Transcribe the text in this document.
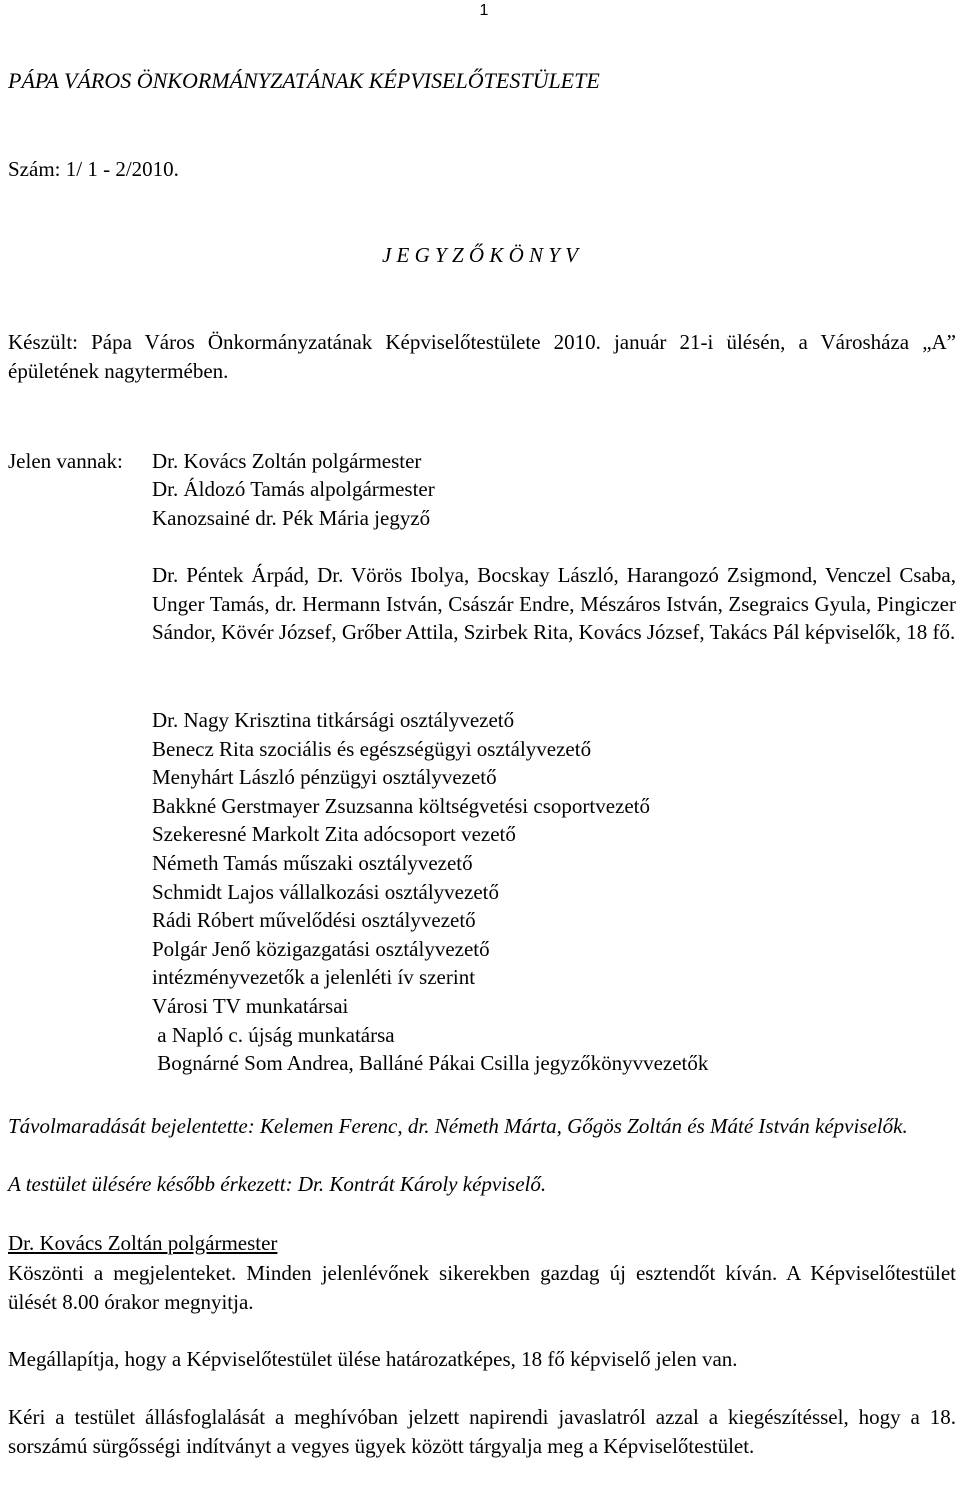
1
PÁPA VÁROS ÖNKORMÁNYZATÁNAK KÉPVISELŐTESTÜLETE
Szám: 1/ 1 - 2/2010.
J E G Y Z Ő K Ö N Y V
Készült: Pápa Város Önkormányzatának Képviselőtestülete 2010. január 21-i ülésén, a Városháza „A” épületének nagytermében.
Jelen vannak: Dr. Kovács Zoltán polgármester
Dr. Áldozó Tamás alpolgármester
Kanozsainé dr. Pék Mária jegyző
Dr. Péntek Árpád, Dr. Vörös Ibolya, Bocskay László, Harangozó Zsigmond, Venczel Csaba, Unger Tamás, dr. Hermann István, Császár Endre, Mészáros István, Zsegraics Gyula, Pingiczer Sándor, Kövér József, Grőber Attila, Szirbek Rita, Kovács József, Takács Pál képviselők, 18 fő.
Dr. Nagy Krisztina titkársági osztályvezető
Benecz Rita szociális és egészségügyi osztályvezető
Menyhárt László pénzügyi osztályvezető
Bakkné Gerstmayer Zsuzsanna költségvetési csoportvezető
Szekeresné Markolt Zita adócsoport vezető
Németh Tamás műszaki osztályvezető
Schmidt Lajos vállalkozási osztályvezető
Rádi Róbert művelődési osztályvezető
Polgár Jenő közigazgatási osztályvezető
intézményvezetők a jelenléti ív szerint
Városi TV munkatársai
a Napló c. újság munkatársa
Bognárné Som Andrea, Balláné Pákai Csilla jegyzőkönyvvezetők
Távolmaradását bejelentette: Kelemen Ferenc, dr. Németh Márta, Gőgös Zoltán és Máté István képviselők.
A testület ülésére később érkezett: Dr. Kontrát Károly képviselő.
Dr. Kovács Zoltán polgármester
Köszönti a megjelenteket. Minden jelenlévőnek sikerekben gazdag új esztendőt kíván. A Képviselőtestület ülését 8.00 órakor megnyitja.
Megállapítja, hogy a Képviselőtestület ülése határozatképes, 18 fő képviselő jelen van.
Kéri a testület állásfoglalását a meghívóban jelzett napirendi javaslatról azzal a kiegészítéssel, hogy a 18. sorszámú sürgősségi indítványt a vegyes ügyek között tárgyalja meg a Képviselőtestület.
